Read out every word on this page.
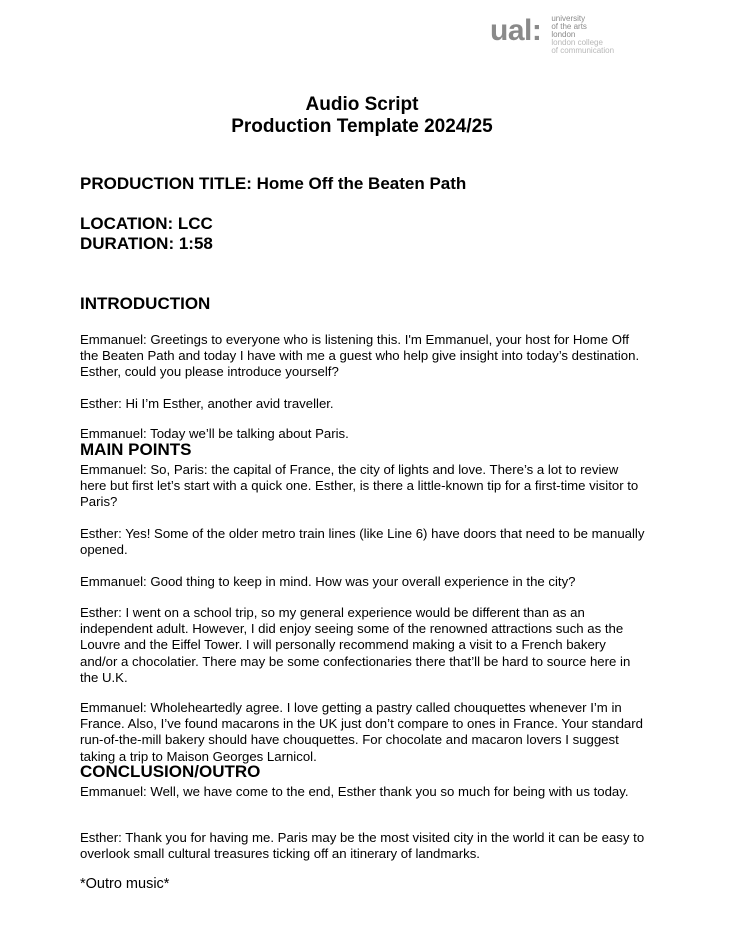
ual: university
of the arts
london
london college
of communication
Audio Script
Production Template 2024/25
PRODUCTION TITLE: Home Off the Beaten Path
LOCATION: LCC
DURATION: 1:58
INTRODUCTION
Emmanuel: Greetings to everyone who is listening this. I'm Emmanuel, your host for Home Off the Beaten Path and today I have with me a guest who help give insight into today’s destination. Esther, could you please introduce yourself?
Esther: Hi I’m Esther, another avid traveller.
Emmanuel: Today we’ll be talking about Paris.
MAIN POINTS
Emmanuel: So, Paris: the capital of France, the city of lights and love. There’s a lot to review here but first let’s start with a quick one. Esther, is there a little-known tip for a first-time visitor to Paris?
Esther: Yes! Some of the older metro train lines (like Line 6) have doors that need to be manually opened.
Emmanuel: Good thing to keep in mind. How was your overall experience in the city?
Esther: I went on a school trip, so my general experience would be different than as an independent adult. However, I did enjoy seeing some of the renowned attractions such as the Louvre and the Eiffel Tower. I will personally recommend making a visit to a French bakery and/or a chocolatier. There may be some confectionaries there that’ll be hard to source here in the U.K.
Emmanuel: Wholeheartedly agree. I love getting a pastry called chouquettes whenever I’m in France. Also, I’ve found macarons in the UK just don’t compare to ones in France. Your standard run-of-the-mill bakery should have chouquettes. For chocolate and macaron lovers I suggest taking a trip to Maison Georges Larnicol.
CONCLUSION/OUTRO
Emmanuel: Well, we have come to the end, Esther thank you so much for being with us today.
Esther: Thank you for having me. Paris may be the most visited city in the world it can be easy to overlook small cultural treasures ticking off an itinerary of landmarks.
*Outro music*
